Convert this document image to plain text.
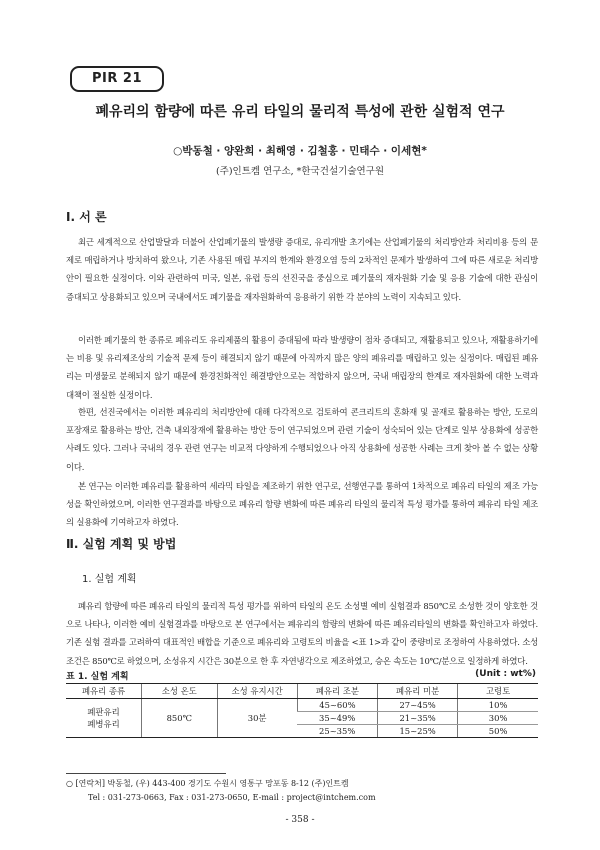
PIR 21
폐유리의 함량에 따른 유리 타일의 물리적 특성에 관한 실험적 연구
○박동철 · 양완희 · 최해영 · 김철홍 · 민태수 · 이세현*
(주)인트켐 연구소, *한국건설기술연구원
Ⅰ. 서 론

최근 세계적으로 산업발달과 더불어 산업폐기물의 발생량 증대로, 유리개발 초기에는 산업폐기물의 처리방안과 처리비용 등의 문제로 매립하거나 방치하여 왔으나, 기존 사용된 매립 부지의 한계와 환경오염 등의 2차적인 문제가 발생하여 그에 따른 새로운 처리방안이 필요한 실정이다. 이와 관련하여 미국, 일본, 유럽 등의 선진국을 중심으로 폐기물의 재자원화 기술 및 응용 기술에 대한 관심이 증대되고 상용화되고 있으며 국내에서도 폐기물을 재자원화하여 응용하기 위한 각 분야의 노력이 지속되고 있다.

이러한 폐기물의 한 종류로 폐유리도 유리제품의 활용이 증대됨에 따라 발생량이 점차 증대되고, 재활용되고 있으나, 재활용하기에는 비용 및 유리제조상의 기술적 문제 등이 해결되지 않기 때문에 아직까지 많은 양의 폐유리를 매립하고 있는 실정이다. 매립된 폐유리는 미생물로 분해되지 않기 때문에 환경친화적인 해결방안으로는 적합하지 않으며, 국내 매립장의 한계로 재자원화에 대한 노력과 대책이 절실한 실정이다.

한편, 선진국에서는 이러한 폐유리의 처리방안에 대해 다각적으로 검토하여 콘크리트의 혼화재 및 골재로 활용하는 방안, 도로의 포장재로 활용하는 방안, 건축 내외장재에 활용하는 방안 등이 연구되었으며 관련 기술이 성숙되어 있는 단계로 일부 상용화에 성공한 사례도 있다. 그러나 국내의 경우 관련 연구는 비교적 다양하게 수행되었으나 아직 상용화에 성공한 사례는 크게 찾아 볼 수 없는 상황이다.

본 연구는 이러한 폐유리를 활용하여 세라믹 타일을 제조하기 위한 연구로, 선행연구를 통하여 1차적으로 폐유리 타일의 제조 가능성을 확인하였으며, 이러한 연구결과를 바탕으로 폐유리 함량 변화에 따른 폐유리 타일의 물리적 특성 평가를 통하여 폐유리 타일 제조의 실용화에 기여하고자 하였다.

Ⅱ. 실험 계획 및 방법
1. 실험 계획

폐유리 함량에 따른 폐유리 타일의 물리적 특성 평가를 위하여 타일의 온도 소성별 예비 실험결과 850℃로 소성한 것이 양호한 것으로 나타나, 이러한 예비 실험결과를 바탕으로 본 연구에서는 폐유리의 함량의 변화에 따른 폐유리타일의 변화를 확인하고자 하였다. 기존 실험 결과를 고려하여 대표적인 배합을 기준으로 폐유리와 고령토의 비율을 <표 1>과 같이 중량비로 조정하여 사용하였다. 소성 조건은 850℃로 하였으며, 소성유지 시간은 30분으로 한 후 자연냉각으로 제조하였고, 승온 속도는 10℃/분으로 일정하게 하였다.

표 1. 실험 계획	(Unit : wt%)
폐유리 종류	소성 온도	소성 유지시간	폐유리 조분	폐유리 미분	고령토
폐판유리
폐병유리	850℃	30분	45~60%	27~45%	10%
			35~49%	21~35%	30%
			25~35%	15~25%	50%
○ [연락처] 박동철, (우) 443-400 경기도 수원시 영통구 망포동 8-12 (주)인트켐
Tel : 031-273-0663, Fax : 031-273-0650, E-mail : project@intchem.com
- 358 -
